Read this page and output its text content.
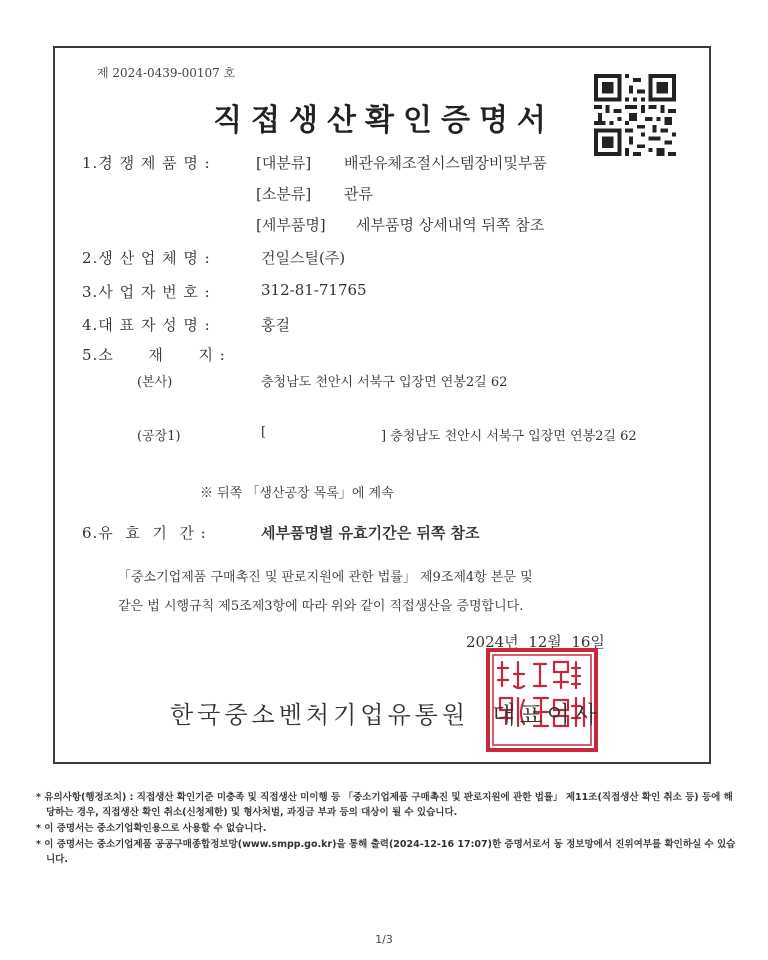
제 2024-0439-00107 호
직접생산확인증명서
1.경 쟁 제 품 명 :	[대분류] 배관유체조절시스템장비및부품
[소분류] 관류
[세부품명] 세부품명 상세내역 뒤쪽 참조
2.생 산 업 체 명 :	건일스틸(주)
3.사 업 자 번 호 :	312-81-71765
4.대 표 자 성 명 :	홍걸
5.소      재      지 :
(본사)	충청남도 천안시 서북구 입장면 연봉2길 62
(공장1)	[	] 충청남도 천안시 서북구 입장면 연봉2길 62
※ 뒤쪽 「생산공장 목록」에 계속
6.유  효  기  간 :	세부품명별 유효기간은 뒤쪽 참조
「중소기업제품 구매촉진 및 판로지원에 관한 법률」 제9조제4항 본문 및
같은 법 시행규칙 제5조제3항에 따라 위와 같이 직접생산을 증명합니다.
2024년  12월  16일
한국중소벤처기업유통원  대표이사

* 유의사항(행정조치) : 직접생산 확인기준 미충족 및 직접생산 미이행 등 「중소기업제품 구매촉진 및 판로지원에 관한 법률」 제11조(직접생산 확인 취소 등) 등에 해당하는 경우, 직접생산 확인 취소(신청제한) 및 형사처벌, 과징금 부과 등의 대상이 될 수 있습니다.

* 이 증명서는 중소기업확인용으로 사용할 수 없습니다.

* 이 증명서는 중소기업제품 공공구매종합정보망(www.smpp.go.kr)을 통해 출력(2024-12-16 17:07)한 증명서로서 동 정보망에서 진위여부를 확인하실 수 있습니다.

1/3
